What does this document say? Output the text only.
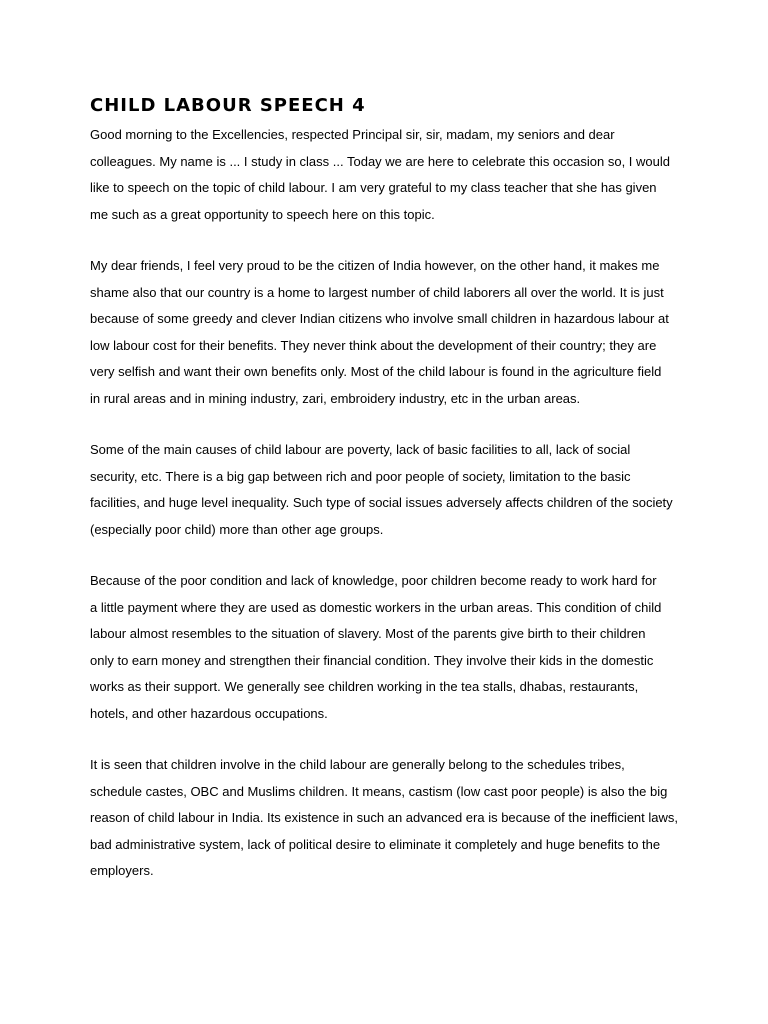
CHILD LABOUR SPEECH 4

Good morning to the Excellencies, respected Principal sir, sir, madam, my seniors and dear
colleagues. My name is ... I study in class ... Today we are here to celebrate this occasion so, I would
like to speech on the topic of child labour. I am very grateful to my class teacher that she has given
me such as a great opportunity to speech here on this topic.

My dear friends, I feel very proud to be the citizen of India however, on the other hand, it makes me
shame also that our country is a home to largest number of child laborers all over the world. It is just
because of some greedy and clever Indian citizens who involve small children in hazardous labour at
low labour cost for their benefits. They never think about the development of their country; they are
very selfish and want their own benefits only. Most of the child labour is found in the agriculture field
in rural areas and in mining industry, zari, embroidery industry, etc in the urban areas.

Some of the main causes of child labour are poverty, lack of basic facilities to all, lack of social
security, etc. There is a big gap between rich and poor people of society, limitation to the basic
facilities, and huge level inequality. Such type of social issues adversely affects children of the society
(especially poor child) more than other age groups.

Because of the poor condition and lack of knowledge, poor children become ready to work hard for
a little payment where they are used as domestic workers in the urban areas. This condition of child
labour almost resembles to the situation of slavery. Most of the parents give birth to their children
only to earn money and strengthen their financial condition. They involve their kids in the domestic
works as their support. We generally see children working in the tea stalls, dhabas, restaurants,
hotels, and other hazardous occupations.

It is seen that children involve in the child labour are generally belong to the schedules tribes,
schedule castes, OBC and Muslims children. It means, castism (low cast poor people) is also the big
reason of child labour in India. Its existence in such an advanced era is because of the inefficient laws,
bad administrative system, lack of political desire to eliminate it completely and huge benefits to the
employers.
